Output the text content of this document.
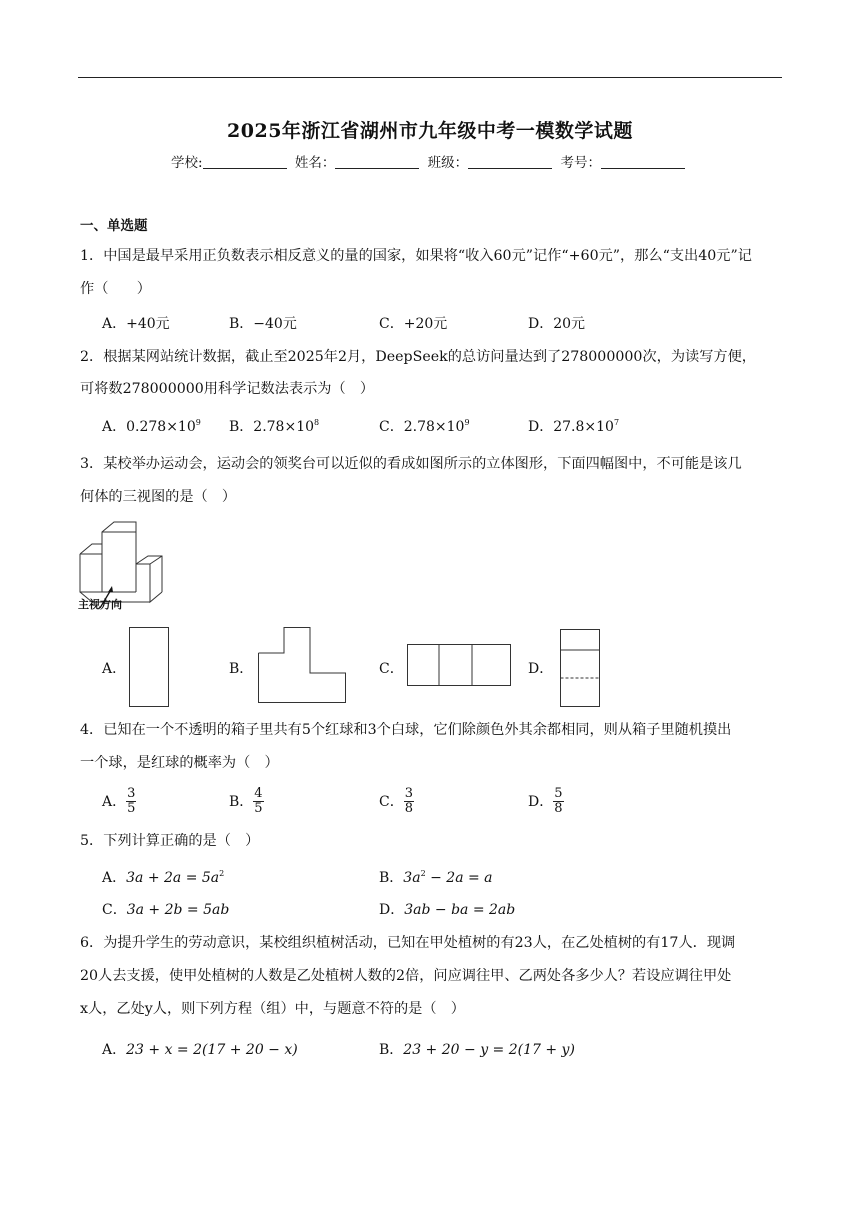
2025年浙江省湖州市九年级中考一模数学试题
学校:	姓名：	班级：	考号：
一、单选题
1．中国是最早采用正负数表示相反意义的量的国家，如果将“收入60元”记作“+60元”，那么“支出40元”记
作（　　）
A．+40元	B．−40元	C．+20元	D．20元
2．根据某网站统计数据，截止至2025年2月，DeepSeek的总访问量达到了278000000次，为读写方便，
可将数278000000用科学记数法表示为（　）
A．$0.278\times 10^9$ B．$2.78\times 10^8$	C．$2.78\times 10^9$	D．$27.8\times 10^7$
3．某校举办运动会，运动会的领奖台可以近似的看成如图所示的立体图形，下面四幅图中，不可能是该几
何体的三视图的是（　）
主视方向
A．	B．	C．	D．
4．已知在一个不透明的箱子里共有5个红球和3个白球，它们除颜色外其余都相同，则从箱子里随机摸出
一个球，是红球的概率为（　）
A． $\frac{3}{5}$	B． $\frac{4}{5}$	C． $\frac{3}{8}$	D． $\frac{5}{8}$
5．下列计算正确的是（　）
A．$3a + 2a = 5a^2$	B．$3a^2 - 2a = a$
C．3a + 2b = 5ab	D．3ab − ba = 2ab
6．为提升学生的劳动意识，某校组织植树活动，已知在甲处植树的有23人，在乙处植树的有17人．现调
20人去支援，使甲处植树的人数是乙处植树人数的2倍，问应调往甲、乙两处各多少人？若设应调往甲处
x人，乙处y人，则下列方程（组）中，与题意不符的是（　）
A．23 + x = 2(17 + 20 − x)	B．23 + 20 − y = 2(17 + y)
